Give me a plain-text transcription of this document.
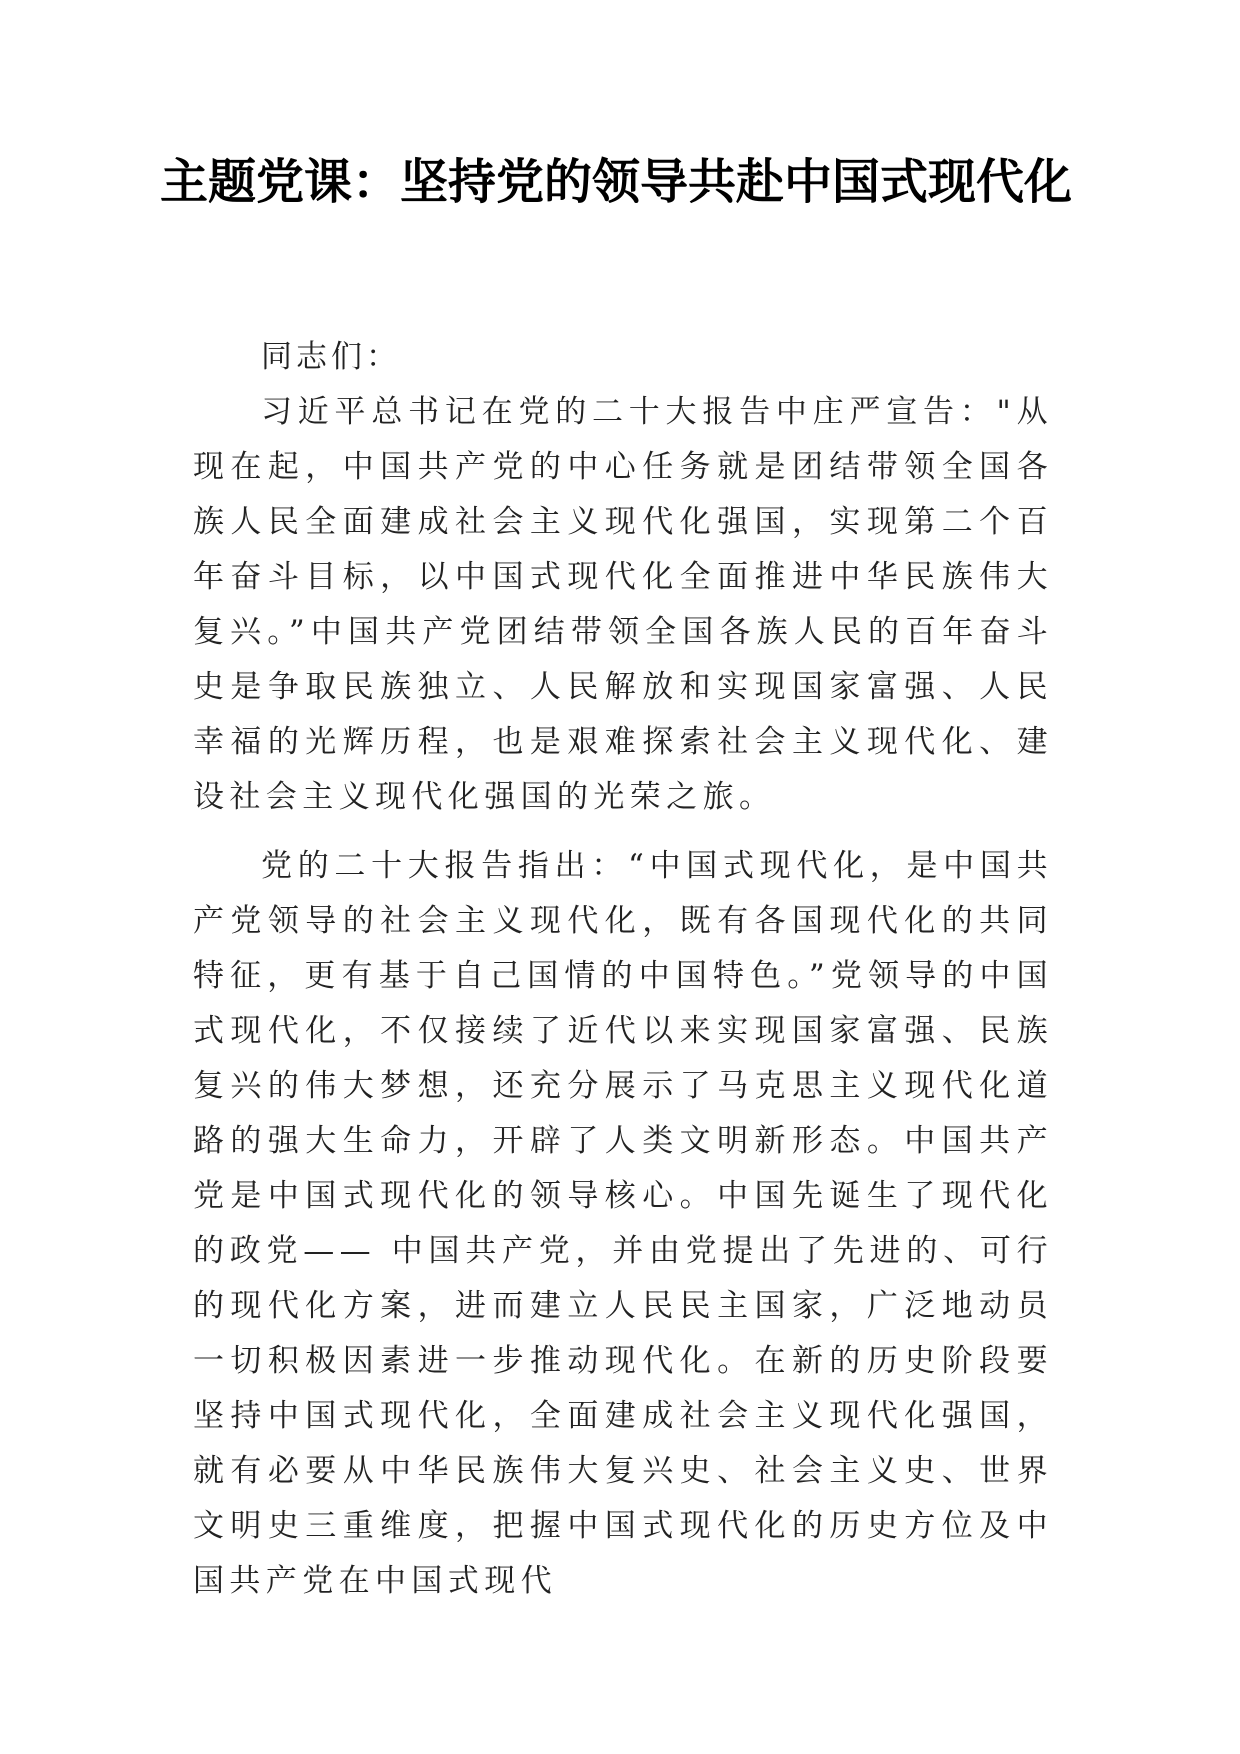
主题党课：坚持党的领导共赴中国式现代化

同志们：

习近平总书记在党的二十大报告中庄严宣告："从现在起，中国共产党的中心任务就是团结带领全国各族人民全面建成社会主义现代化强国，实现第二个百年奋斗目标，以中国式现代化全面推进中华民族伟大复兴。”中国共产党团结带领全国各族人民的百年奋斗史是争取民族独立、人民解放和实现国家富强、人民幸福的光辉历程，也是艰难探索社会主义现代化、建设社会主义现代化强国的光荣之旅。

党的二十大报告指出：“中国式现代化，是中国共产党领导的社会主义现代化，既有各国现代化的共同特征，更有基于自己国情的中国特色。”党领导的中国式现代化，不仅接续了近代以来实现国家富强、民族复兴的伟大梦想，还充分展示了马克思主义现代化道路的强大生命力，开辟了人类文明新形态。中国共产党是中国式现代化的领导核心。中国先诞生了现代化的政党—— 中国共产党，并由党提出了先进的、可行的现代化方案，进而建立人民民主国家，广泛地动员一切积极因素进一步推动现代化。在新的历史阶段要坚持中国式现代化，全面建成社会主义现代化强国，就有必要从中华民族伟大复兴史、社会主义史、世界文明史三重维度，把握中国式现代化的历史方位及中国共产党在中国式现代
